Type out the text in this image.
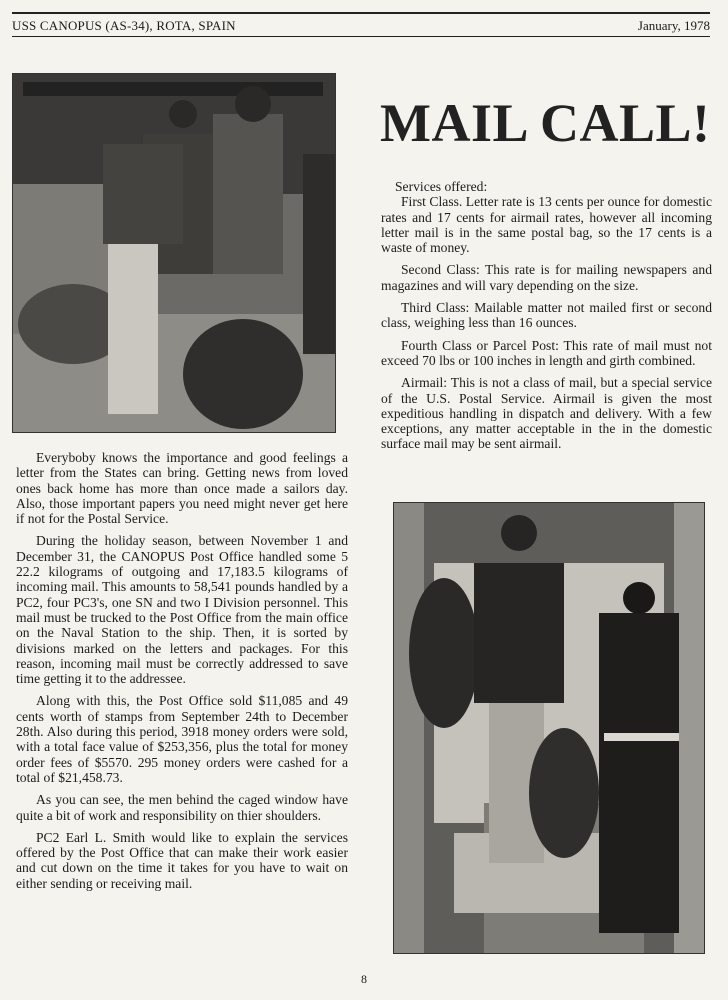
USS CANOPUS (AS-34), ROTA, SPAIN	January, 1978
MAIL CALL!

Services offered:

First Class. Letter rate is 13 cents per ounce for domestic rates and 17 cents for airmail rates, however all incoming letter mail is in the same postal bag, so the 17 cents is a waste of money.

Second Class: This rate is for mailing newspapers and magazines and will vary depending on the size.

Third Class: Mailable matter not mailed first or second class, weighing less than 16 ounces.

Fourth Class or Parcel Post: This rate of mail must not exceed 70 lbs or 100 inches in length and girth combined.

Airmail: This is not a class of mail, but a special service of the U.S. Postal Service. Airmail is given the most expeditious handling in dispatch and delivery. With a few exceptions, any matter acceptable in the in the domestic surface mail may be sent airmail.

Everyboby knows the importance and good feelings a letter from the States can bring. Getting news from loved ones back home has more than once made a sailors day. Also, those important papers you need might never get here if not for the Postal Service.

During the holiday season, between November 1 and December 31, the CANOPUS Post Office handled some 5 22.2 kilograms of outgoing and 17,183.5 kilograms of incoming mail. This amounts to 58,541 pounds handled by a PC2, four PC3's, one SN and two I Division personnel. This mail must be trucked to the Post Office from the main office on the Naval Station to the ship. Then, it is sorted by divisions marked on the letters and packages. For this reason, incoming mail must be correctly addressed to save time getting it to the addressee.

Along with this, the Post Office sold $11,085 and 49 cents worth of stamps from September 24th to December 28th. Also during this period, 3918 money orders were sold, with a total face value of $253,356, plus the total for money order fees of $5570. 295 money orders were cashed for a total of $21,458.73.

As you can see, the men behind the caged window have quite a bit of work and responsibility on thier shoulders.

PC2 Earl L. Smith would like to explain the services offered by the Post Office that can make their work easier and cut down on the time it takes for you have to wait on either sending or receiving mail.

8
